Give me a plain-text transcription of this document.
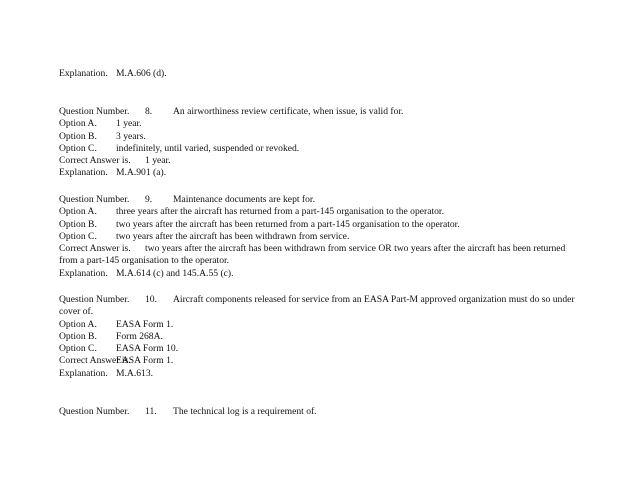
Explanation. M.A.606 (d).
Question Number.	8.	An airworthiness review certificate, when issue, is valid for.
Option A.	1 year.
Option B.	3 years.
Option C.	indefinitely, until varied, suspended or revoked.
Correct Answer is.	1 year.
Explanation. M.A.901 (a).
Question Number.	9.	Maintenance documents are kept for.
Option A.	three years after the aircraft has returned from a part-145 organisation to the operator.
Option B.	two years after the aircraft has been returned from a part-145 organisation to the operator.
Option C.	two years after the aircraft has been withdrawn from service.
Correct Answer is. two years after the aircraft has been withdrawn from service OR two years after the aircraft has been returned from a part-145 organisation to the operator.
Explanation. M.A.614 (c) and 145.A.55 (c).
Question Number. 10. Aircraft components released for service from an EASA Part-M approved organization must do so under cover of.
Option A.	EASA Form 1.
Option B.	Form 268A.
Option C.	EASA Form 10.
Correct Answer is.
EASA Form 1.
Explanation. M.A.613.
Question Number.	11.	The technical log is a requirement of.
